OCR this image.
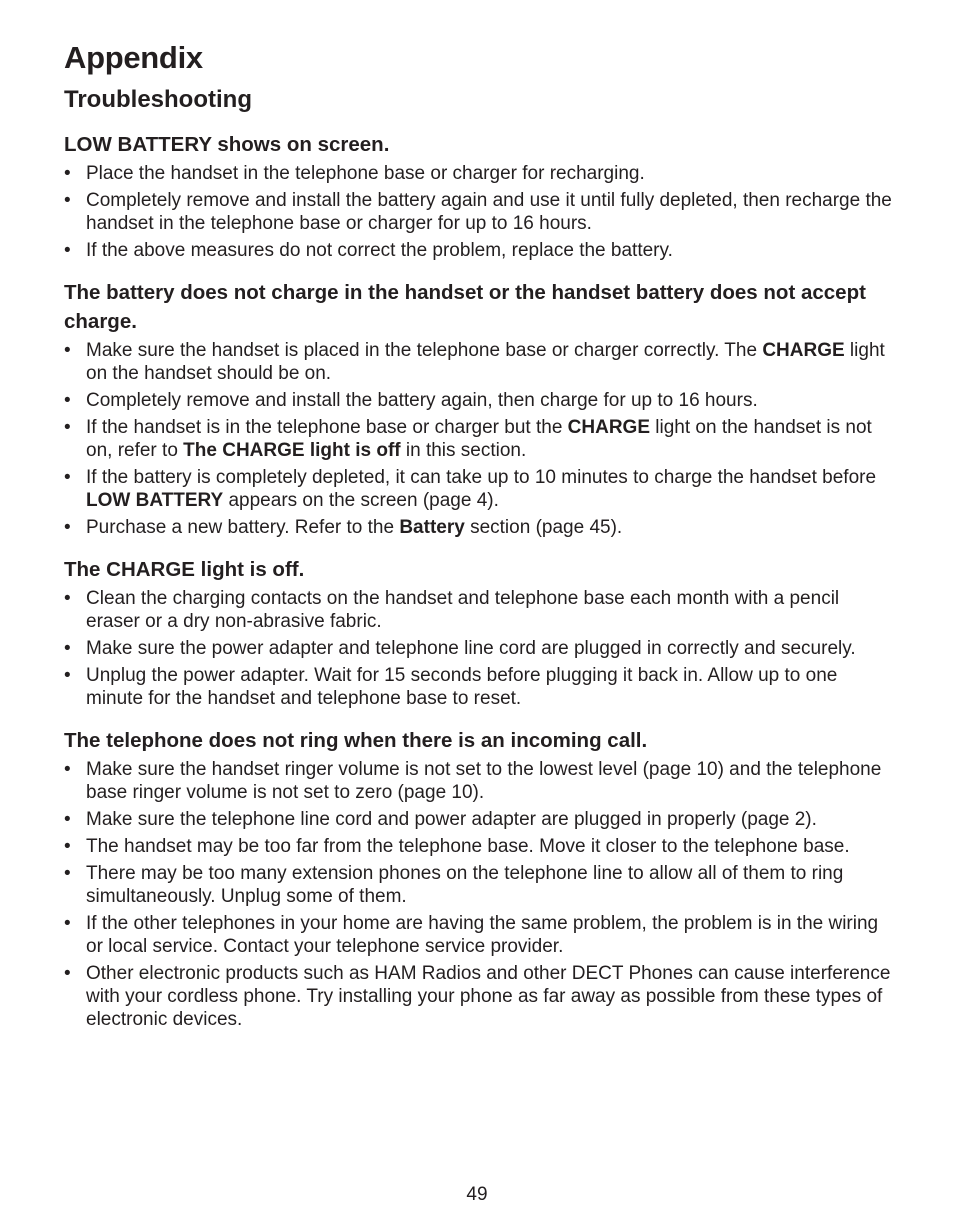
Appendix
Troubleshooting
LOW BATTERY shows on screen.
• Place the handset in the telephone base or charger for recharging.
• Completely remove and install the battery again and use it until fully depleted, then recharge the handset in the telephone base or charger for up to 16 hours.
• If the above measures do not correct the problem, replace the battery.
The battery does not charge in the handset or the handset battery does not accept charge.
• Make sure the handset is placed in the telephone base or charger correctly. The CHARGE light on the handset should be on.
• Completely remove and install the battery again, then charge for up to 16 hours.
• If the handset is in the telephone base or charger but the CHARGE light on the handset is not on, refer to The CHARGE light is off in this section.
• If the battery is completely depleted, it can take up to 10 minutes to charge the handset before LOW BATTERY appears on the screen (page 4).
• Purchase a new battery. Refer to the Battery section (page 45).
The CHARGE light is off.
• Clean the charging contacts on the handset and telephone base each month with a pencil eraser or a dry non-abrasive fabric.
• Make sure the power adapter and telephone line cord are plugged in correctly and securely.
• Unplug the power adapter. Wait for 15 seconds before plugging it back in. Allow up to one minute for the handset and telephone base to reset.
The telephone does not ring when there is an incoming call.
• Make sure the handset ringer volume is not set to the lowest level (page 10) and the telephone base ringer volume is not set to zero (page 10).
• Make sure the telephone line cord and power adapter are plugged in properly (page 2).
• The handset may be too far from the telephone base. Move it closer to the telephone base.
• There may be too many extension phones on the telephone line to allow all of them to ring simultaneously. Unplug some of them.
• If the other telephones in your home are having the same problem, the problem is in the wiring or local service. Contact your telephone service provider.
• Other electronic products such as HAM Radios and other DECT Phones can cause interference with your cordless phone. Try installing your phone as far away as possible from these types of electronic devices.
49
